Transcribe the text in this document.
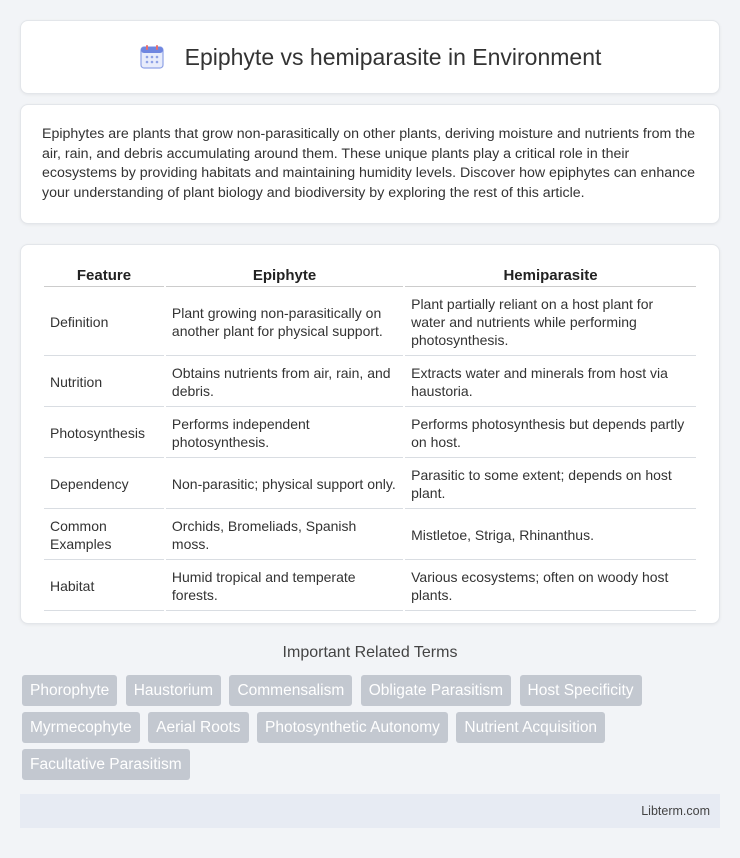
Epiphyte vs hemiparasite in Environment

Epiphytes are plants that grow non-parasitically on other plants, deriving moisture and nutrients from the air, rain, and debris accumulating around them. These unique plants play a critical role in their ecosystems by providing habitats and maintaining humidity levels. Discover how epiphytes can enhance your understanding of plant biology and biodiversity by exploring the rest of this article.

Feature	Epiphyte	Hemiparasite
Definition	Plant growing non-parasitically on another plant for physical support.	Plant partially reliant on a host plant for water and nutrients while performing photosynthesis.
Nutrition	Obtains nutrients from air, rain, and debris.	Extracts water and minerals from host via haustoria.
Photosynthesis	Performs independent photosynthesis.	Performs photosynthesis but depends partly on host.
Dependency	Non-parasitic; physical support only.	Parasitic to some extent; depends on host plant.
Common Examples	Orchids, Bromeliads, Spanish moss.	Mistletoe, Striga, Rhinanthus.
Habitat	Humid tropical and temperate forests.	Various ecosystems; often on woody host plants.
Important Related Terms
Phorophyte Haustorium Commensalism Obligate Parasitism Host Specificity Myrmecophyte Aerial Roots Photosynthetic Autonomy Nutrient Acquisition Facultative Parasitism
Libterm.com
